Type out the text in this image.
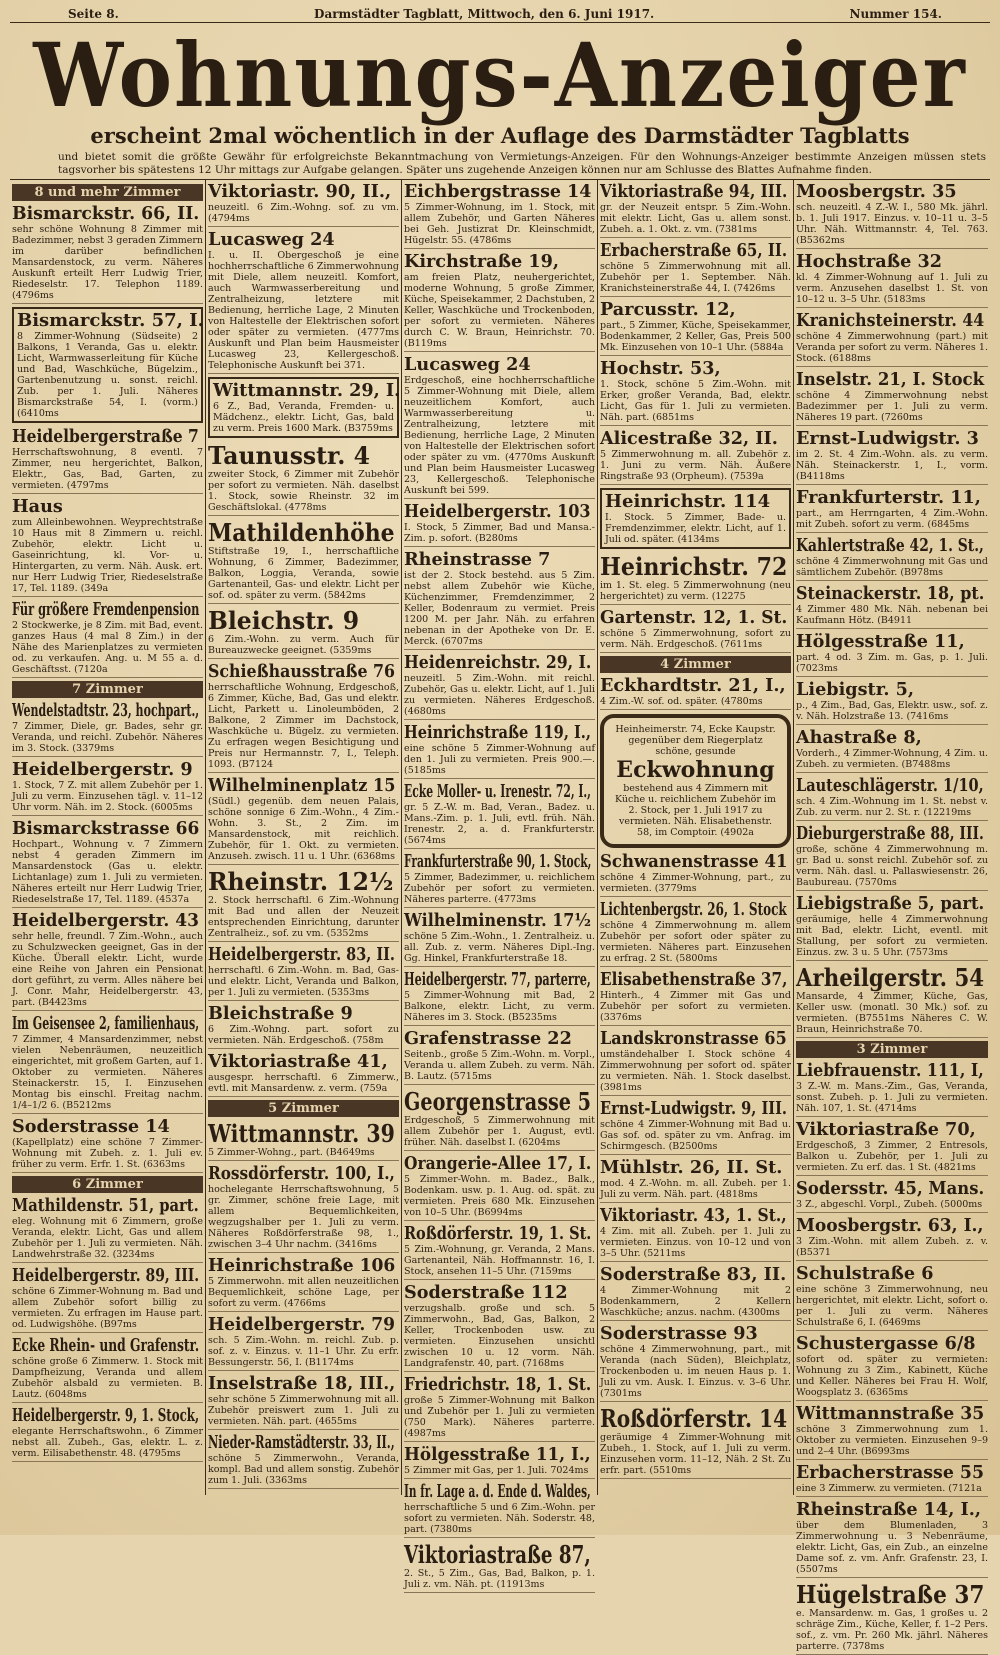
Seite 8.	Darmstädter Tagblatt, Mittwoch, den 6. Juni 1917.	Nummer 154.
Wohnungs-Anzeiger
erscheint 2mal wöchentlich in der Auflage des Darmstädter Tagblatts
und bietet somit die größte Gewähr für erfolgreichste Bekanntmachung von Vermietungs-Anzeigen. Für den Wohnungs-Anzeiger bestimmte Anzeigen müssen stets tagsvorher bis spätestens 12 Uhr mittags zur Aufgabe gelangen. Später uns zugehende Anzeigen können nur am Schlusse des Blattes Aufnahme finden.
8 und mehr Zimmer
Bismarckstr. 66, II.
sehr schöne Wohnung 8 Zimmer mit Badezimmer, nebst 3 geraden Zimmern im darüber befindlichen Mansardenstock, zu verm. Näheres Auskunft erteilt Herr Ludwig Trier, Riedeselstr. 17. Telephon 1189. (4796ms
Bismarckstr. 57, I.
8 Zimmer-Wohnung (Südseite) 2 Balkons, 1 Veranda, Gas u. elektr. Licht, Warmwasserleitung für Küche und Bad, Waschküche, Bügelzim., Gartenbenutzung u. sonst. reichl. Zub. per 1. Juli. Näheres Bismarckstraße 54, I. (vorm.) (6410ms
Heidelbergerstraße 7
Herrschaftswohnung, 8 eventl. 7 Zimmer, neu hergerichtet, Balkon, Elektr., Gas, Bad, Garten, zu vermieten. (4797ms
Haus
zum Alleinbewohnen. Weyprechtstraße 10 Haus mit 8 Zimmern u. reichl. Zubehör, elektr. Licht u. Gaseinrichtung, kl. Vor- u. Hintergarten, zu verm. Näh. Ausk. ert. nur Herr Ludwig Trier, Riedeselstraße 17, Tel. 1189. (349a
Für größere Fremdenpension
2 Stockwerke, je 8 Zim. mit Bad, event. ganzes Haus (4 mal 8 Zim.) in der Nähe des Marienplatzes zu vermieten od. zu verkaufen. Ang. u. M 55 a. d. Geschäftsst. (7120a
7 Zimmer
Wendelstadtstr. 23, hochpart.,
7 Zimmer, Diele, gr. Bades, sehr gr. Veranda, und reichl. Zubehör. Näheres im 3. Stock. (3379ms
Heidelbergerstr. 9
1. Stock, 7 Z. mit allem Zubehör per 1. Juli zu verm. Einzusehen tägl. v. 11–12 Uhr vorm. Näh. im 2. Stock. (6005ms
Bismarckstrasse 66
Hochpart., Wohnung v. 7 Zimmern nebst 4 geraden Zimmern im Mansardenstock (Gas u. elektr. Lichtanlage) zum 1. Juli zu vermieten. Näheres erteilt nur Herr Ludwig Trier, Riedeselstraße 17, Tel. 1189. (4537a
Heidelbergerstr. 43
sehr helle, freundl. 7 Zim.-Wohn., auch zu Schulzwecken geeignet, Gas in der Küche. Überall elektr. Licht, wurde eine Reihe von Jahren ein Pensionat dort geführt, zu verm. Alles nähere bei J. Conr. Mahr, Heidelbergerstr. 43, part. (B4423ms
Im Geisensee 2, familienhaus,
7 Zimmer, 4 Mansardenzimmer, nebst vielen Nebenräumen, neuzeitlich eingerichtet, mit großem Garten, auf 1. Oktober zu vermieten. Näheres Steinackerstr. 15, I. Einzusehen Montag bis einschl. Freitag nachm. 1/4–1/2 6. (B5212ms
Soderstrasse 14
(Kapellplatz) eine schöne 7 Zimmer-Wohnung mit Zubeh. z. 1. Juli ev. früher zu verm. Erfr. 1. St. (6363ms
6 Zimmer
Mathildenstr. 51, part.
eleg. Wohnung mit 6 Zimmern, große Veranda, elektr. Licht, Gas und allem Zubehör per 1. Juli zu vermieten. Näh. Landwehrstraße 32. (3234ms
Heidelbergerstr. 89, III.
schöne 6 Zimmer-Wohnung m. Bad und allem Zubehör sofort billig zu vermieten. Zu erfragen im Hause part. od. Ludwigshöhe. (B97ms
Ecke Rhein- und Grafenstr.
schöne große 6 Zimmerw. 1. Stock mit Dampfheizung, Veranda und allem Zubehör alsbald zu vermieten. B. Lautz. (6048ms
Heidelbergerstr. 9, 1. Stock,
elegante Herrschaftswohn., 6 Zimmer nebst all. Zubeh., Gas, elektr. L. z. verm. Eilisabethenstr. 48. (4795ms
Viktoriastr. 90, II.,
neuzeitl. 6 Zim.-Wohng. sof. zu vm. (4794ms
Lucasweg 24
I. u. II. Obergeschoß je eine hochherrschaftliche 6 Zimmerwohnung mit Diele, allem neuzeitl. Komfort, auch Warmwasserbereitung und Zentralheizung, letztere mit Bedienung, herrliche Lage, 2 Minuten von Haltestelle der Elektrischen sofort oder später zu vermieten. (4777ms Auskunft und Plan beim Hausmeister Lucasweg 23, Kellergeschoß. Telephonische Auskunft bei 371.
Wittmannstr. 29, I.
6 Z., Bad, Veranda, Fremden- u. Mädchenz., elektr. Licht, Gas, bald zu verm. Preis 1600 Mark. (B3759ms
Taunusstr. 4
zweiter Stock, 6 Zimmer mit Zubehör per sofort zu vermieten. Näh. daselbst 1. Stock, sowie Rheinstr. 32 im Geschäftslokal. (4778ms
Mathildenhöhe
Stiftstraße 19, I., herrschaftliche Wohnung, 6 Zimmer, Badezimmer, Balkon, Loggia, Veranda, sowie Gartenanteil, Gas- und elektr. Licht per sof. od. später zu verm. (5842ms
Bleichstr. 9
6 Zim.-Wohn. zu verm. Auch für Bureauzwecke geeignet. (5359ms
Schießhausstraße 76
herrschaftliche Wohnung, Erdgeschoß, 6 Zimmer, Küche, Bad, Gas und elektr. Licht, Parkett u. Linoleumböden, 2 Balkone, 2 Zimmer im Dachstock, Waschküche u. Bügelz. zu vermieten. Zu erfragen wegen Besichtigung und Preis nur Hermannstr. 7, I., Teleph. 1093. (B7124
Wilhelminenplatz 15
(Südl.) gegenüb. dem neuen Palais, schöne sonnige 6 Zim.-Wohn., 4 Zim.-Wohn. 3. St., 2 Zim. im Mansardenstock, mit reichlich. Zubehör, für 1. Okt. zu vermieten. Anzuseh. zwisch. 11 u. 1 Uhr. (6368ms
Rheinstr. 12½
2. Stock herrschaftl. 6 Zim.-Wohnung mit Bad und allen der Neuzeit entsprechenden Einrichtung, darunter Zentralheiz., sof. zu vm. (5352ms
Heidelbergerstr. 83, II.
herrschaftl. 6 Zim.-Wohn. m. Bad, Gas- und elektr. Licht, Veranda und Balkon, per 1. Juli zu vermieten. (5353ms
Bleichstraße 9
6 Zim.-Wohng. part. sofort zu vermieten. Näh. Erdgeschoß. (758m
Viktoriastraße 41,
ausgespr. herrschaftl. 6 Zimmerw., evtl. mit Mansardenw. z. verm. (759a
5 Zimmer
Wittmannstr. 39
5 Zimmer-Wohng., part. (B4649ms
Rossdörferstr. 100, I.,
hochelegante Herrschaftswohnung, 5 gr. Zimmer, schöne freie Lage, mit allem Bequemlichkeiten, wegzugshalber per 1. Juli zu verm. Näheres Roßdörferstraße 98, 1., zwischen 3–4 Uhr nachm. (3416ms
Heinrichstraße 106
5 Zimmerwohn. mit allen neuzeitlichen Bequemlichkeit, schöne Lage, per sofort zu verm. (4766ms
Heidelbergerstr. 79
sch. 5 Zim.-Wohn. m. reichl. Zub. p. sof. z. v. Einzus. v. 11–1 Uhr. Zu erfr. Bessungerstr. 56, I. (B1174ms
Inselstraße 18, III.,
sehr schöne 5 Zimmerwohnung mit all. Zubehör preiswert zum 1. Juli zu vermieten. Näh. part. (4655ms
Nieder-Ramstädterstr. 33, II.,
schöne 5 Zimmerwohn., Veranda, kompl. Bad und allem sonstig. Zubehör zum 1. Juli. (3363ms
Eichbergstrasse 14
5 Zimmer-Wohnung, im 1. Stock, mit allem Zubehör, und Garten Näheres bei Geh. Justizrat Dr. Kleinschmidt, Hügelstr. 55. (4786ms
Kirchstraße 19,
am freien Platz, neuhergerichtet, moderne Wohnung, 5 große Zimmer, Küche, Speisekammer, 2 Dachstuben, 2 Keller, Waschküche und Trockenboden, per sofort zu vermieten. Näheres durch C. W. Braun, Heinrichstr. 70. (B119ms
Lucasweg 24
Erdgeschoß, eine hochherrschaftliche 5 Zimmer-Wohnung mit Diele, allem neuzeitlichem Komfort, auch Warmwasserbereitung u. Zentralheizung, letztere mit Bedienung, herrliche Lage, 2 Minuten von Haltestelle der Elektrischen sofort oder später zu vm. (4770ms Auskunft und Plan beim Hausmeister Lucasweg 23, Kellergeschoß. Telephonische Auskunft bei 599.
Heidelbergerstr. 103
I. Stock, 5 Zimmer, Bad und Mansa.-Zim. p. sofort. (B280ms
Rheinstrasse 7
ist der 2. Stock bestehd. aus 5 Zim. nebst allem Zubehör wie Küche, Küchenzimmer, Fremdenzimmer, 2 Keller, Bodenraum zu vermiet. Preis 1200 M. per Jahr. Näh. zu erfahren nebenan in der Apotheke von Dr. E. Merck. (6707ms
Heidenreichstr. 29, I.
neuzeitl. 5 Zim.-Wohn. mit reichl. Zubehör, Gas u. elektr. Licht, auf 1. Juli zu vermieten. Näheres Erdgeschoß. (4680ms
Heinrichstraße 119, I.,
eine schöne 5 Zimmer-Wohnung auf den 1. Juli zu vermieten. Preis 900.—. (5185ms
Ecke Moller- u. Irenestr. 72, I.,
gr. 5 Z.-W. m. Bad, Veran., Badez. u. Mans.-Zim. p. 1. Juli, evtl. früh. Näh. Irenestr. 2, a. d. Frankfurterstr. (5674ms
Frankfurterstraße 90, 1. Stock,
5 Zimmer, Badezimmer, u. reichlichem Zubehör per sofort zu vermieten. Näheres parterre. (4773ms
Wilhelminenstr. 17½
schöne 5 Zim.-Wohn., 1. Zentralheiz. u. all. Zub. z. verm. Näheres Dipl.-Ing. Gg. Hinkel, Frankfurterstraße 18.
Heidelbergerstr. 77, parterre,
5 Zimmer-Wohnung mit Bad, 2 Balkone, elektr. Licht, zu verm. Näheres im 3. Stock. (B5235ms
Grafenstrasse 22
Seitenb., große 5 Zim.-Wohn. m. Vorpl., Veranda u. allem Zubeh. zu verm. Näh. B. Lautz. (5715ms
Georgenstrasse 5
Erdgeschoß, 5 Zimmerwohnung mit allem Zubehör per 1. August, evtl. früher. Näh. daselbst I. (6204ms
Orangerie-Allee 17, I.
5 Zimmer-Wohn. m. Badez., Balk., Bodenkam. usw. p. 1. Aug. od. spät. zu vermieten. Preis 680 Mk. Einzusehen von 10–5 Uhr. (B6994ms
Roßdörferstr. 19, 1. St.
5 Zim.-Wohnung, gr. Veranda, 2 Mans. Gartenanteil, Näh. Hoffmannstr. 16, I. Stock, ansehen 11–5 Uhr. (7159ms
Soderstraße 112
verzugshalb. große und sch. 5 Zimmerwohn., Bad, Gas, Balkon, 2 Keller, Trockenboden usw. zu vermieten. Einzusehen unsichtl zwischen 10 u. 12 vorm. Näh. Landgrafenstr. 40, part. (7168ms
Friedrichstr. 18, 1. St.
große 5 Zimmer-Wohnung mit Balkon und Zubehör per 1. Juli zu vermieten (750 Mark). Näheres parterre. (4987ms
Hölgesstraße 11, I.,
5 Zimmer mit Gas, per 1. Juli. 7024ms
In fr. Lage a. d. Ende d. Waldes,
herrschaftliche 5 und 6 Zim.-Wohn. per sofort zu vermieten. Näh. Soderstr. 48, part. (7380ms
Viktoriastraße 87,
2. St., 5 Zim., Gas, Bad, Balkon, p. 1. Juli z. vm. Näh. pt. (11913ms
Viktoriastraße 94, III.
gr. der Neuzeit entspr. 5 Zim.-Wohn. mit elektr. Licht, Gas u. allem sonst. Zubeh. a. 1. Okt. z. vm. (7381ms
Erbacherstraße 65, II.
schöne 5 Zimmerwohnung mit all. Zubehör per 1. September. Näh. Kranichsteinerstraße 44, I. (7426ms
Parcusstr. 12,
part., 5 Zimmer, Küche, Speisekammer, Bodenkammer, 2 Keller, Gas, Preis 500 Mk. Einzusehen von 10–1 Uhr. (5884a
Hochstr. 53,
1. Stock, schöne 5 Zim.-Wohn. mit Erker, großer Veranda, Bad, elektr. Licht, Gas für 1. Juli zu vermieten. Näh. part. (6851ms
Alicestraße 32, II.
5 Zimmerwohnung m. all. Zubehör z. 1. Juni zu verm. Näh. Äußere Ringstraße 93 (Orpheum). (7539a
Heinrichstr. 114
I. Stock. 5 Zimmer, Bade- u. Fremdenzimmer, elektr. Licht, auf 1. Juli od. später. (4134ms
Heinrichstr. 72
im 1. St. eleg. 5 Zimmerwohnung (neu hergerichtet) zu verm. (12275
Gartenstr. 12, 1. St.
schöne 5 Zimmerwohnung, sofort zu verm. Näh. Erdgeschoß. (7611ms
4 Zimmer
Eckhardtstr. 21, I.,
4 Zim.-W. sof. od. später. (4780ms
Heinheimerstr. 74, Ecke Kaupstr. gegenüber dem Riegerplatz
schöne, gesunde
Eckwohnung
bestehend aus 4 Zimmern mit Küche u. reichlichem Zubehör im 2. Stock, per 1. Juli 1917 zu vermieten. Näh. Elisabethenstr. 58, im Comptoir. (4902a
Schwanenstrasse 41
schöne 4 Zimmer-Wohnung, part., zu vermieten. (3779ms
Lichtenbergstr. 26, 1. Stock
schöne 4 Zimmerwohnung m. allem Zubehör per sofort oder später zu vermieten. Näheres part. Einzusehen zu erfrag. 2 St. (5800ms
Elisabethenstraße 37,
Hinterh., 4 Zimmer mit Gas und Zubehör per sofort zu vermieten. (3376ms
Landskronstrasse 65
umständehalber I. Stock schöne 4 Zimmerwohnung per sofort od. später zu vermieten. Näh. 1. Stock daselbst. (3981ms
Ernst-Ludwigstr. 9, III.
schöne 4 Zimmer-Wohnung mit Bad u. Gas sof. od. später zu vm. Anfrag. im Schirmgesch. (B2500ms
Mühlstr. 26, II. St.
mod. 4 Z.-Wohn. m. all. Zubeh. per 1. Juli zu verm. Näh. part. (4818ms
Viktoriastr. 43, 1. St.,
4 Zim. mit all. Zubeh. per 1. Juli zu vermieten. Einzus. von 10–12 und von 3–5 Uhr. (5211ms
Soderstraße 83, II.
4 Zimmer-Wohnung mit 2 Bodenkammern, 2 Kellern Waschküche; anzus. nachm. (4300ms
Soderstrasse 93
schöne 4 Zimmerwohnung, part., mit Veranda (nach Süden), Bleichplatz, Trockenboden u. im neuen Haus p. 1. Juli zu vm. Ausk. I. Einzus. v. 3–6 Uhr. (7301ms
Roßdörferstr. 14
geräumige 4 Zimmer-Wohnung mit Zubeh., 1. Stock, auf 1. Juli zu verm. Einzusehen vorm. 11–12, Näh. 2 St. Zu erfr. part. (5510ms
Moosbergstr. 35
sch. neuzeitl. 4 Z.-W. I., 580 Mk. jährl. b. 1. Juli 1917. Einzus. v. 10–11 u. 3–5 Uhr. Näh. Wittmannstr. 4, Tel. 763. (B5362ms
Hochstraße 32
kl. 4 Zimmer-Wohnung auf 1. Juli zu verm. Anzusehen daselbst 1. St. von 10–12 u. 3–5 Uhr. (5183ms
Kranichsteinerstr. 44
schöne 4 Zimmerwohnung (part.) mit Veranda per sofort zu verm. Näheres 1. Stock. (6188ms
Inselstr. 21, I. Stock
schöne 4 Zimmerwohnung nebst Badezimmer per 1. Juli zu verm. Näheres 19 part. (7260ms
Ernst-Ludwigstr. 3
im 2. St. 4 Zim.-Wohn. als. zu verm. Näh. Steinackerstr. 1, I., vorm. (B4118ms
Frankfurterstr. 11,
part., am Herrngarten, 4 Zim.-Wohn. mit Zubeh. sofort zu verm. (6845ms
Kahlertstraße 42, 1. St.,
schöne 4 Zimmerwohnung mit Gas und sämtlichem Zubehör. (B978ms
Steinackerstr. 18, pt.
4 Zimmer 480 Mk. Näh. nebenan bei Kaufmann Hötz. (B4911
Hölgesstraße 11,
part. 4 od. 3 Zim. m. Gas, p. 1. Juli. (7023ms
Liebigstr. 5,
p., 4 Zim., Bad, Gas, Elektr. usw., sof. z. v. Näh. Holzstraße 13. (7416ms
Ahastraße 8,
Vorderh., 4 Zimmer-Wohnung, 4 Zim. u. Zubeh. zu vermieten. (B7488ms
Lauteschlägerstr. 1/10,
sch. 4 Zim.-Wohnung im 1. St. nebst v. Zub. zu verm. nur 2. St. r. (12219ms
Dieburgerstraße 88, III.
große, schöne 4 Zimmerwohnung m. gr. Bad u. sonst reichl. Zubehör sof. zu verm. Näh. dasl. u. Pallaswiesenstr. 26, Baubureau. (7570ms
Liebigstraße 5, part.
geräumige, helle 4 Zimmerwohnung mit Bad, elektr. Licht, eventl. mit Stallung, per sofort zu vermieten. Einzus. zw. 3 u. 5 Uhr. (7573ms
Arheilgerstr. 54
Mansarde, 4 Zimmer, Küche, Gas, Keller usw. (monatl. 30 Mk.) sof. zu vermieten. (B7551ms Näheres C. W. Braun, Heinrichstraße 70.
3 Zimmer
Liebfrauenstr. 111, I,
3 Z.-W. m. Mans.-Zim., Gas, Veranda, sonst. Zubeh. p. 1. Juli zu vermieten. Näh. 107, 1. St. (4714ms
Viktoriastraße 70,
Erdgeschoß, 3 Zimmer, 2 Entresols, Balkon u. Zubehör, per 1. Juli zu vermieten. Zu erf. das. 1 St. (4821ms
Sodersstr. 45, Mans.
3 Z., abgeschl. Vorpl., Zubeh. (5000ms
Moosbergstr. 63, I.,
3 Zim.-Wohn. mit allem Zubeh. z. v. (B5371
Schulstraße 6
eine schöne 3 Zimmerwohnung, neu hergerichtet, mit elektr. Licht, sofort o. per 1. Juli zu verm. Näheres Schulstraße 6, I. (6469ms
Schustergasse 6/8
sofort od. später zu vermieten: Wohnung zu 3 Zim., Kabinett, Küche und Keller. Näheres bei Frau H. Wolf, Woogsplatz 3. (6365ms
Wittmannstraße 35
schöne 3 Zimmerwohnung zum 1. Oktober zu vermieten. Einzusehen 9–9 und 2–4 Uhr. (B6993ms
Erbacherstrasse 55
eine 3 Zimmerw. zu vermieten. (7121a
Rheinstraße 14, I.,
über dem Blumenladen, 3 Zimmerwohnung u. 3 Nebenräume, elektr. Licht, Gas, ein Zub., an einzelne Dame sof. z. vm. Anfr. Grafenstr. 23, I. (5507ms
Hügelstraße 37
e. Mansardenw. m. Gas, 1 großes u. 2 schräge Zim., Küche, Keller, f. 1–2 Pers. sof., z. vm. Pr. 260 Mk. jährl. Näheres parterre. (7378ms
